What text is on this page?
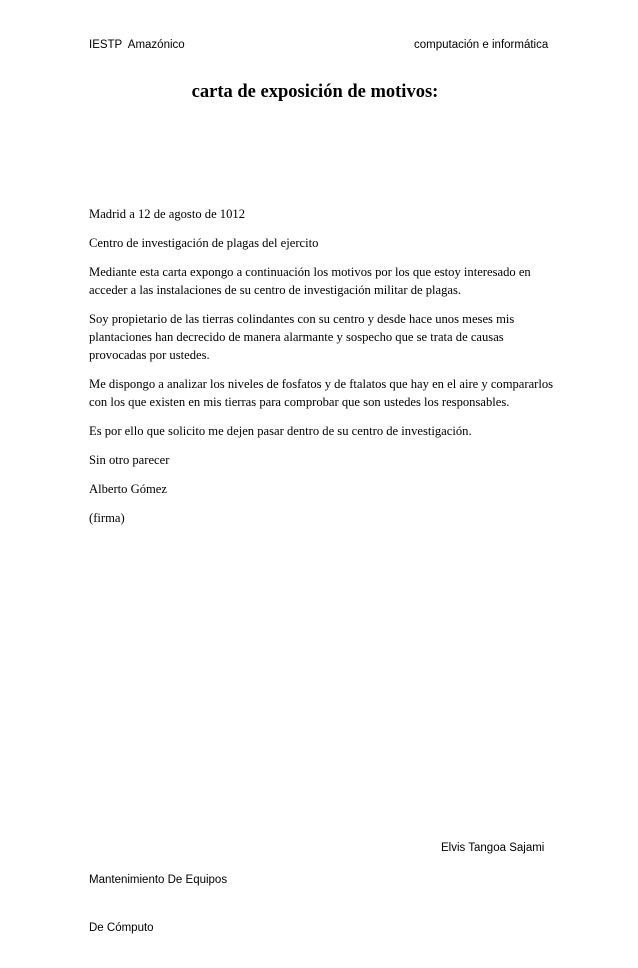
IESTP  Amazónico	computación e informática
carta de exposición de motivos:

Madrid a 12 de agosto de 1012

Centro de investigación de plagas del ejercito

Mediante esta carta expongo a continuación los motivos por los que estoy interesado en acceder a las instalaciones de su centro de investigación militar de plagas.

Soy propietario de las tierras colindantes con su centro y desde hace unos meses mis plantaciones han decrecido de manera alarmante y sospecho que se trata de causas provocadas por ustedes.

Me dispongo a analizar los niveles de fosfatos y de ftalatos que hay en el aire y compararlos con los que existen en mis tierras para comprobar que son ustedes los responsables.

Es por ello que solicito me dejen pasar dentro de su centro de investigación.

Sin otro parecer

Alberto Gómez

(firma)

Mantenimiento De Equipos

De Cómputo

Elvis Tangoa Sajami
